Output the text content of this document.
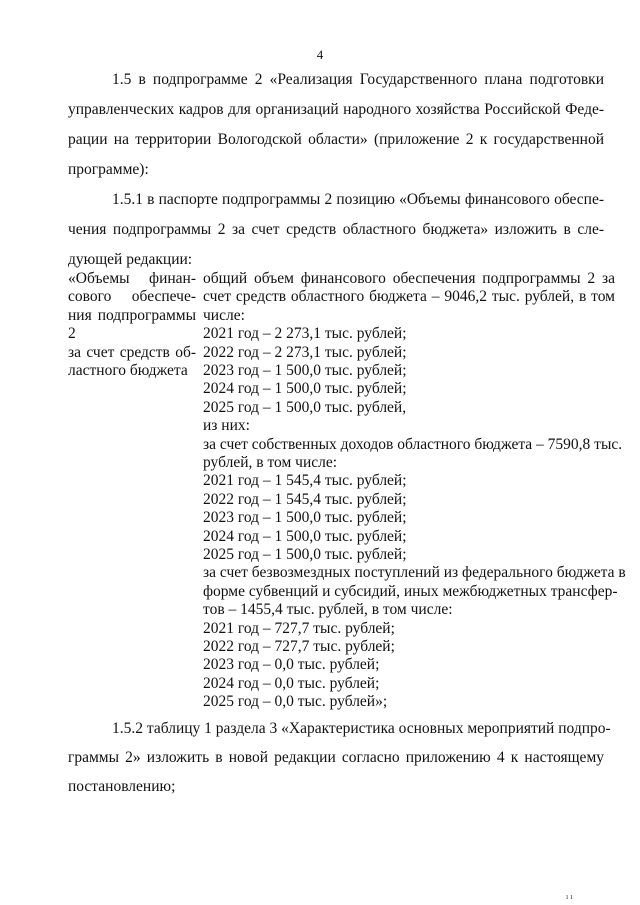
4
1.5 в подпрограмме 2 «Реализация Государственного плана подготовки
управленческих кадров для организаций народного хозяйства Российской Феде-
рации на территории Вологодской области» (приложение 2 к государственной
программе):
1.5.1 в паспорте подпрограммы 2 позицию «Объемы финансового обеспе-
чения подпрограммы 2 за счет средств областного бюджета» изложить в сле-
дующей редакции:
«Объемы финан-
сового обеспече-
ния подпрограммы
2
за счет средств об-
ластного бюджета
общий объем финансового обеспечения подпрограммы 2 за
счет средств областного бюджета – 9046,2 тыс. рублей, в том
числе:
2021 год – 2 273,1 тыс. рублей;
2022 год – 2 273,1 тыс. рублей;
2023 год – 1 500,0 тыс. рублей;
2024 год – 1 500,0 тыс. рублей;
2025 год – 1 500,0 тыс. рублей,
из них:
за счет собственных доходов областного бюджета – 7590,8 тыс.
рублей, в том числе:
2021 год – 1 545,4 тыс. рублей;
2022 год – 1 545,4 тыс. рублей;
2023 год – 1 500,0 тыс. рублей;
2024 год – 1 500,0 тыс. рублей;
2025 год – 1 500,0 тыс. рублей;
за счет безвозмездных поступлений из федерального бюджета в
форме субвенций и субсидий, иных межбюджетных трансфер-
тов – 1455,4 тыс. рублей, в том числе:
2021 год – 727,7 тыс. рублей;
2022 год – 727,7 тыс. рублей;
2023 год – 0,0 тыс. рублей;
2024 год – 0,0 тыс. рублей;
2025 год – 0,0 тыс. рублей»;
1.5.2 таблицу 1 раздела 3 «Характеристика основных мероприятий подпро-
граммы 2» изложить в новой редакции согласно приложению 4 к настоящему
постановлению;
ı ı
